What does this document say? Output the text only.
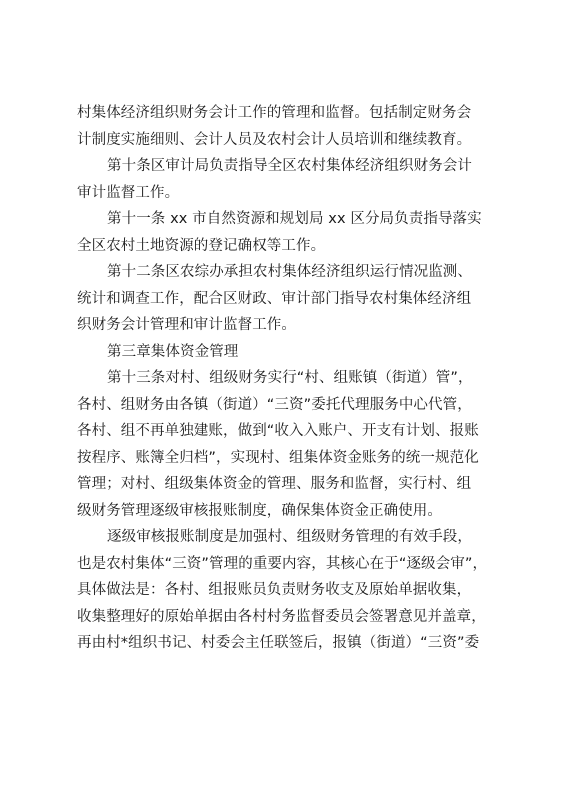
村集体经济组织财务会计工作的管理和监督。包括制定财务会
计制度实施细则、会计人员及农村会计人员培训和继续教育。
第十条区审计局负责指导全区农村集体经济组织财务会计
审计监督工作。
第十一条 xx 市自然资源和规划局 xx 区分局负责指导落实
全区农村土地资源的登记确权等工作。
第十二条区农综办承担农村集体经济组织运行情况监测、
统计和调查工作，配合区财政、审计部门指导农村集体经济组
织财务会计管理和审计监督工作。
第三章集体资金管理
第十三条对村、组级财务实行“村、组账镇（街道）管”，
各村、组财务由各镇（街道）“三资”委托代理服务中心代管，
各村、组不再单独建账，做到“收入入账户、开支有计划、报账
按程序、账簿全归档”，实现村、组集体资金账务的统一规范化
管理；对村、组级集体资金的管理、服务和监督，实行村、组
级财务管理逐级审核报账制度，确保集体资金正确使用。
逐级审核报账制度是加强村、组级财务管理的有效手段，
也是农村集体“三资”管理的重要内容，其核心在于“逐级会审”，
具体做法是：各村、组报账员负责财务收支及原始单据收集，
收集整理好的原始单据由各村村务监督委员会签署意见并盖章，
再由村*组织书记、村委会主任联签后，报镇（街道）“三资”委
